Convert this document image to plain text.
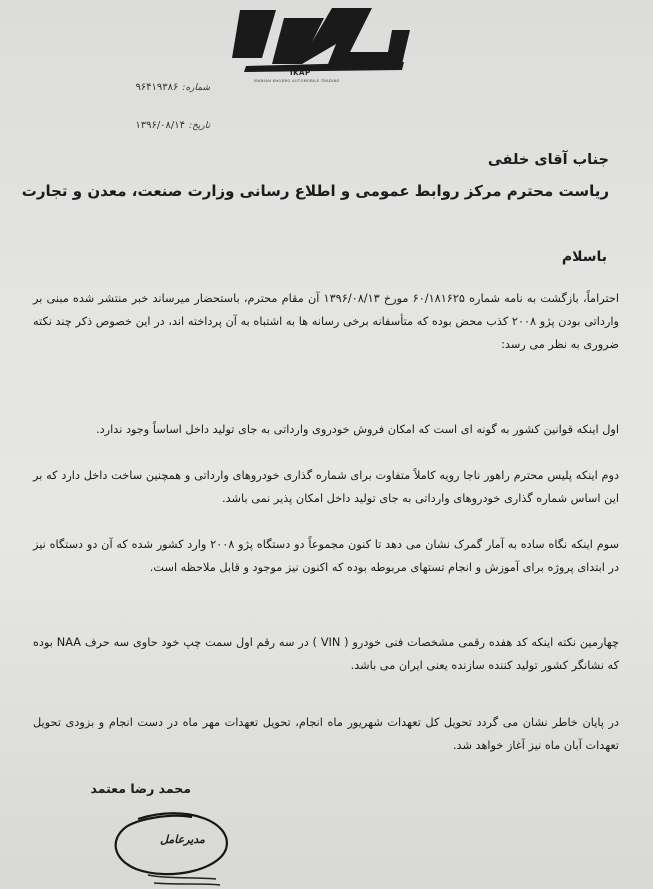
IKAP
IRANIAN KHODRO AUTOMOBILE TRADING
شماره:۹۶۴۱۹۳۸۶
تاریخ:۱۳۹۶/۰۸/۱۴
جناب آقای خلفی
ریاست محترم مرکز روابط عمومی و اطلاع رسانی وزارت صنعت، معدن و تجارت
باسلام
احتراماً، بازگشت به نامه شماره ۶۰/۱۸۱۶۲۵ مورخ ۱۳۹۶/۰۸/۱۳ آن مقام محترم، باستحضار میرساند خبر منتشر شده مبنی بر وارداتی بودن پژو ۲۰۰۸ کذب محض بوده که متأسفانه برخی رسانه ها به اشتباه به آن پرداخته اند، در این خصوص ذکر چند نکته ضروری به نظر می رسد:
اول اینکه قوانین کشور به گونه ای است که امکان فروش خودروی وارداتی به جای تولید داخل اساساً وجود ندارد.
دوم اینکه پلیس محترم راهور ناجا رویه کاملاً متفاوت برای شماره گذاری خودروهای وارداتی و همچنین ساخت داخل دارد که بر این اساس شماره گذاری خودروهای وارداتی به جای تولید داخل امکان پذیر نمی باشد.
سوم اینکه نگاه ساده به آمار گمرک نشان می دهد تا کنون مجموعاً دو دستگاه پژو ۲۰۰۸ وارد کشور شده که آن دو دستگاه نیز در ابتدای پروژه برای آموزش و انجام تستهای مربوطه بوده که اکنون نیز موجود و قابل ملاحظه است.
چهارمین نکته اینکه کد هفده رقمی مشخصات فنی خودرو ( VIN ) در سه رقم اول سمت چپ خود حاوی سه حرف NAA بوده که نشانگر کشور تولید کننده سازنده یعنی ایران می باشد.
در پایان خاطر نشان می گردد تحویل کل تعهدات شهریور ماه انجام، تحویل تعهدات مهر ماه در دست انجام و بزودی تحویل تعهدات آبان ماه نیز آغاز خواهد شد.
محمد رضا معتمد
مدیرعامل
